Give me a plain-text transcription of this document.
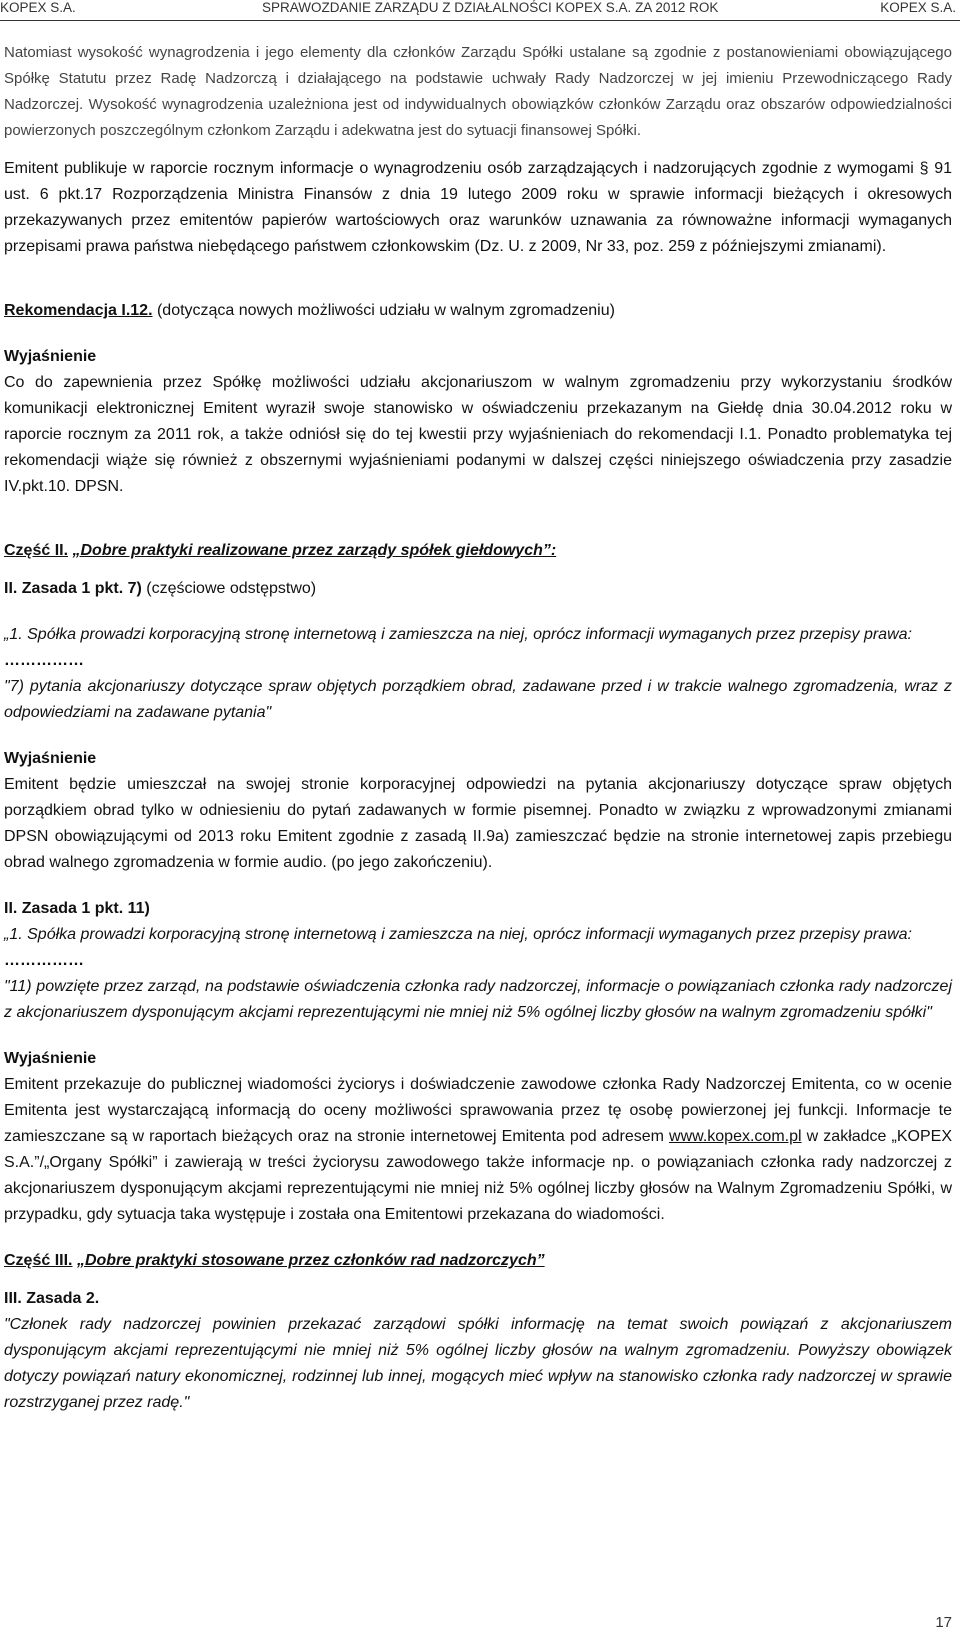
KOPEX S.A.	SPRAWOZDANIE ZARZĄDU Z DZIAŁALNOŚCI KOPEX S.A. ZA 2012 ROK	KOPEX S.A.

Natomiast wysokość wynagrodzenia i jego elementy dla członków Zarządu Spółki ustalane są zgodnie z postanowieniami obowiązującego Spółkę Statutu przez Radę Nadzorczą i działającego na podstawie uchwały Rady Nadzorczej w jej imieniu Przewodniczącego Rady Nadzorczej. Wysokość wynagrodzenia uzależniona jest od indywidualnych obowiązków członków Zarządu oraz obszarów odpowiedzialności powierzonych poszczególnym członkom Zarządu i adekwatna jest do sytuacji finansowej Spółki.

Emitent publikuje w raporcie rocznym informacje o wynagrodzeniu osób zarządzających i nadzorujących zgodnie z wymogami § 91 ust. 6 pkt.17 Rozporządzenia Ministra Finansów z dnia 19 lutego 2009 roku w sprawie informacji bieżących i okresowych przekazywanych przez emitentów papierów wartościowych oraz warunków uznawania za równoważne informacji wymaganych przepisami prawa państwa niebędącego państwem członkowskim (Dz. U. z 2009, Nr 33, poz. 259 z późniejszymi zmianami).

Rekomendacja I.12. (dotycząca nowych możliwości udziału w walnym zgromadzeniu)

Wyjaśnienie

Co do zapewnienia przez Spółkę możliwości udziału akcjonariuszom w walnym zgromadzeniu przy wykorzystaniu środków komunikacji elektronicznej Emitent wyraził swoje stanowisko w oświadczeniu przekazanym na Giełdę dnia 30.04.2012 roku w raporcie rocznym za 2011 rok, a także odniósł się do tej kwestii przy wyjaśnieniach do rekomendacji I.1. Ponadto problematyka tej rekomendacji wiąże się również z obszernymi wyjaśnieniami podanymi w dalszej części niniejszego oświadczenia przy zasadzie IV.pkt.10. DPSN.

Część II. „Dobre praktyki realizowane przez zarządy spółek giełdowych”:

II. Zasada 1 pkt. 7) (częściowe odstępstwo)

„1. Spółka prowadzi korporacyjną stronę internetową i zamieszcza na niej, oprócz informacji wymaganych przez przepisy prawa:

……………

"7) pytania akcjonariuszy dotyczące spraw objętych porządkiem obrad, zadawane przed i w trakcie walnego zgromadzenia, wraz z odpowiedziami na zadawane pytania"

Wyjaśnienie

Emitent będzie umieszczał na swojej stronie korporacyjnej odpowiedzi na pytania akcjonariuszy dotyczące spraw objętych porządkiem obrad tylko w odniesieniu do pytań zadawanych w formie pisemnej. Ponadto w związku z wprowadzonymi zmianami DPSN obowiązującymi od 2013 roku Emitent zgodnie z zasadą II.9a) zamieszczać będzie na stronie internetowej zapis przebiegu obrad walnego zgromadzenia w formie audio. (po jego zakończeniu).

II. Zasada 1 pkt. 11)

„1. Spółka prowadzi korporacyjną stronę internetową i zamieszcza na niej, oprócz informacji wymaganych przez przepisy prawa:

……………

"11) powzięte przez zarząd, na podstawie oświadczenia członka rady nadzorczej, informacje o powiązaniach członka rady nadzorczej z akcjonariuszem dysponującym akcjami reprezentującymi nie mniej niż 5% ogólnej liczby głosów na walnym zgromadzeniu spółki"

Wyjaśnienie

Emitent przekazuje do publicznej wiadomości życiorys i doświadczenie zawodowe członka Rady Nadzorczej Emitenta, co w ocenie Emitenta jest wystarczającą informacją do oceny możliwości sprawowania przez tę osobę powierzonej jej funkcji. Informacje te zamieszczane są w raportach bieżących oraz na stronie internetowej Emitenta pod adresem www.kopex.com.pl w zakładce „KOPEX S.A.”/„Organy Spółki” i zawierają w treści życiorysu zawodowego także informacje np. o powiązaniach członka rady nadzorczej z akcjonariuszem dysponującym akcjami reprezentującymi nie mniej niż 5% ogólnej liczby głosów na Walnym Zgromadzeniu Spółki, w przypadku, gdy sytuacja taka występuje i została ona Emitentowi przekazana do wiadomości.

Część III. „Dobre praktyki stosowane przez członków rad nadzorczych”

III. Zasada 2.

"Członek rady nadzorczej powinien przekazać zarządowi spółki informację na temat swoich powiązań z akcjonariuszem dysponującym akcjami reprezentującymi nie mniej niż 5% ogólnej liczby głosów na walnym zgromadzeniu. Powyższy obowiązek dotyczy powiązań natury ekonomicznej, rodzinnej lub innej, mogących mieć wpływ na stanowisko członka rady nadzorczej w sprawie rozstrzyganej przez radę."

17
